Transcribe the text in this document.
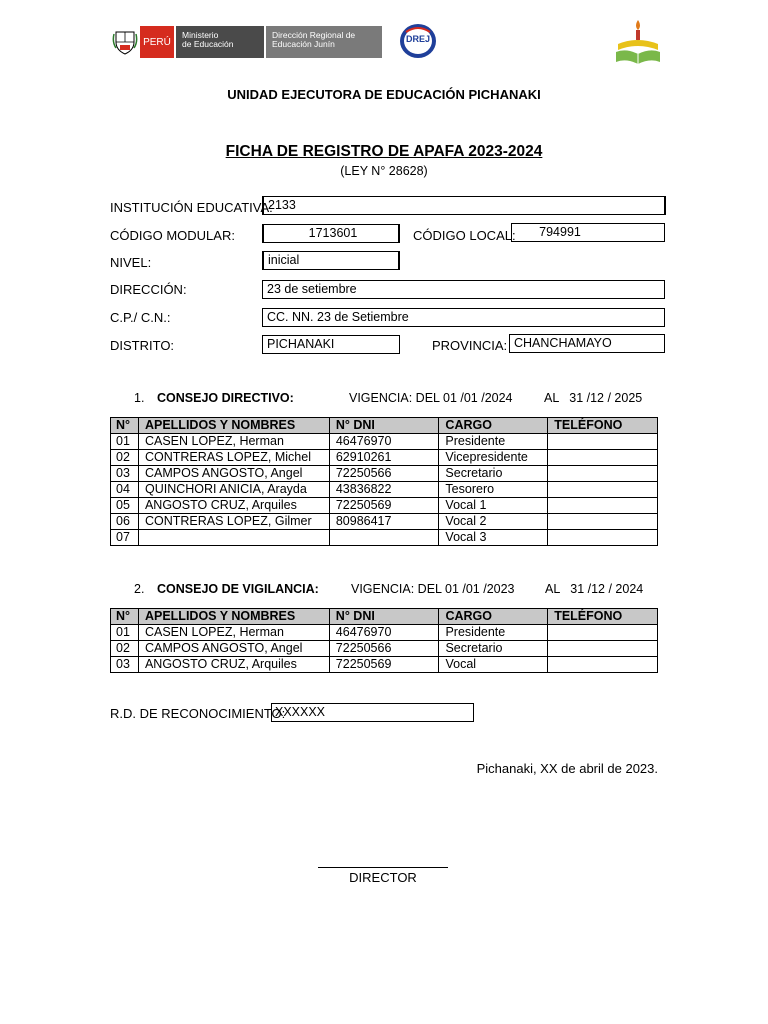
PERÚ
Ministerio
de Educación
Dirección Regional de
Educación Junín	DREJ
UNIDAD EJECUTORA DE EDUCACIÓN PICHANAKI
FICHA DE REGISTRO DE APAFA 2023-2024
(LEY N° 28628)
INSTITUCIÓN EDUCATIVA:
2133
CÓDIGO MODULAR:	1713601	CÓDIGO LOCAL:	794991
NIVEL:	inicial
DIRECCIÓN:	23 de setiembre
C.P./ C.N.:	CC. NN. 23 de Setiembre
DISTRITO:	PICHANAKI	PROVINCIA: CHANCHAMAYO
1. CONSEJO DIRECTIVO:	VIGENCIA: DEL 01 /01 /2024	AL   31 /12 / 2025
N°	APELLIDOS Y NOMBRES	N° DNI	CARGO	TELÉFONO
01	CASEN LOPEZ, Herman	46476970	Presidente	
02	CONTRERAS LOPEZ, Michel	62910261	Vicepresidente	
03	CAMPOS ANGOSTO, Angel	72250566	Secretario	
04	QUINCHORI ANICIA, Arayda	43836822	Tesorero	
05	ANGOSTO CRUZ, Arquiles	72250569	Vocal 1	
06	CONTRERAS LOPEZ, Gilmer	80986417	Vocal 2	
07			Vocal 3	
2. CONSEJO DE VIGILANCIA:	VIGENCIA: DEL 01 /01 /2023 AL   31 /12 / 2024
N°	APELLIDOS Y NOMBRES	N° DNI	CARGO	TELÉFONO
01	CASEN LOPEZ, Herman	46476970	Presidente	
02	CAMPOS ANGOSTO, Angel	72250566	Secretario	
03	ANGOSTO CRUZ, Arquiles	72250569	Vocal	
R.D. DE RECONOCIMIENTO:
XXXXXX
Pichanaki, XX de abril de 2023.
DIRECTOR
